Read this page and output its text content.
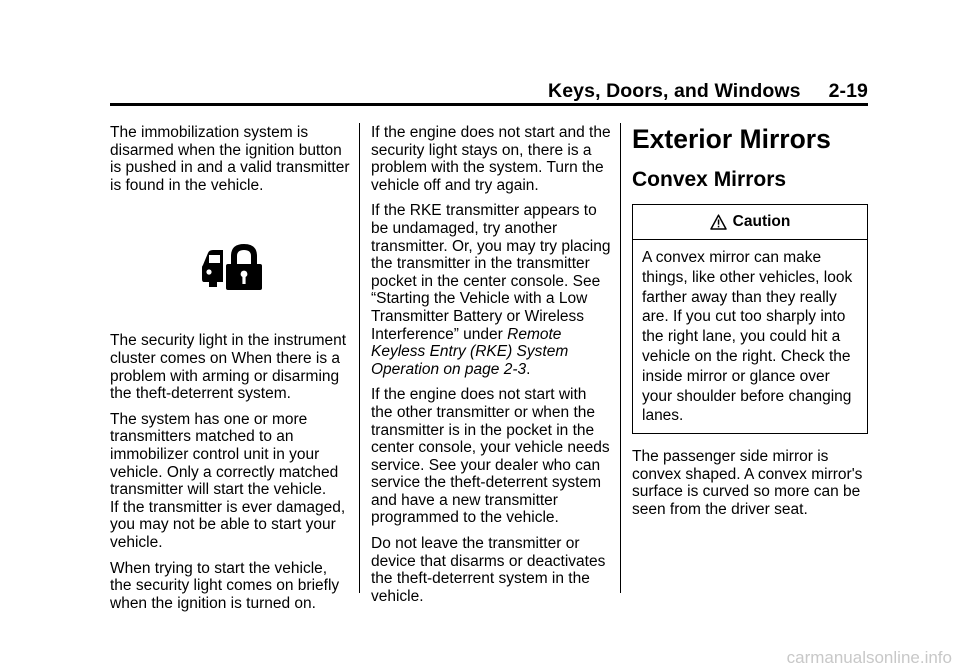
Keys, Doors, and Windows 2-19

The immobilization system is disarmed when the ignition button is pushed in and a valid transmitter is found in the vehicle.

The security light in the instrument cluster comes on When there is a problem with arming or disarming the theft-deterrent system.

The system has one or more transmitters matched to an immobilizer control unit in your vehicle. Only a correctly matched transmitter will start the vehicle.

If the transmitter is ever damaged, you may not be able to start your vehicle.

When trying to start the vehicle, the security light comes on briefly when the ignition is turned on.

If the engine does not start and the security light stays on, there is a problem with the system. Turn the vehicle off and try again.

If the RKE transmitter appears to be undamaged, try another transmitter. Or, you may try placing the transmitter in the transmitter pocket in the center console. See “Starting the Vehicle with a Low Transmitter Battery or Wireless Interference” under Remote Keyless Entry (RKE) System Operation on page 2‑3.

If the engine does not start with the other transmitter or when the transmitter is in the pocket in the center console, your vehicle needs service. See your dealer who can service the theft-deterrent system and have a new transmitter programmed to the vehicle.

Do not leave the transmitter or device that disarms or deactivates the theft-deterrent system in the vehicle.

Exterior Mirrors
Convex Mirrors
Caution
A convex mirror can make things, like other vehicles, look farther away than they really are. If you cut too sharply into the right lane, you could hit a vehicle on the right. Check the inside mirror or glance over your shoulder before changing lanes.

The passenger side mirror is convex shaped. A convex mirror's surface is curved so more can be seen from the driver seat.

carmanualsonline.info
